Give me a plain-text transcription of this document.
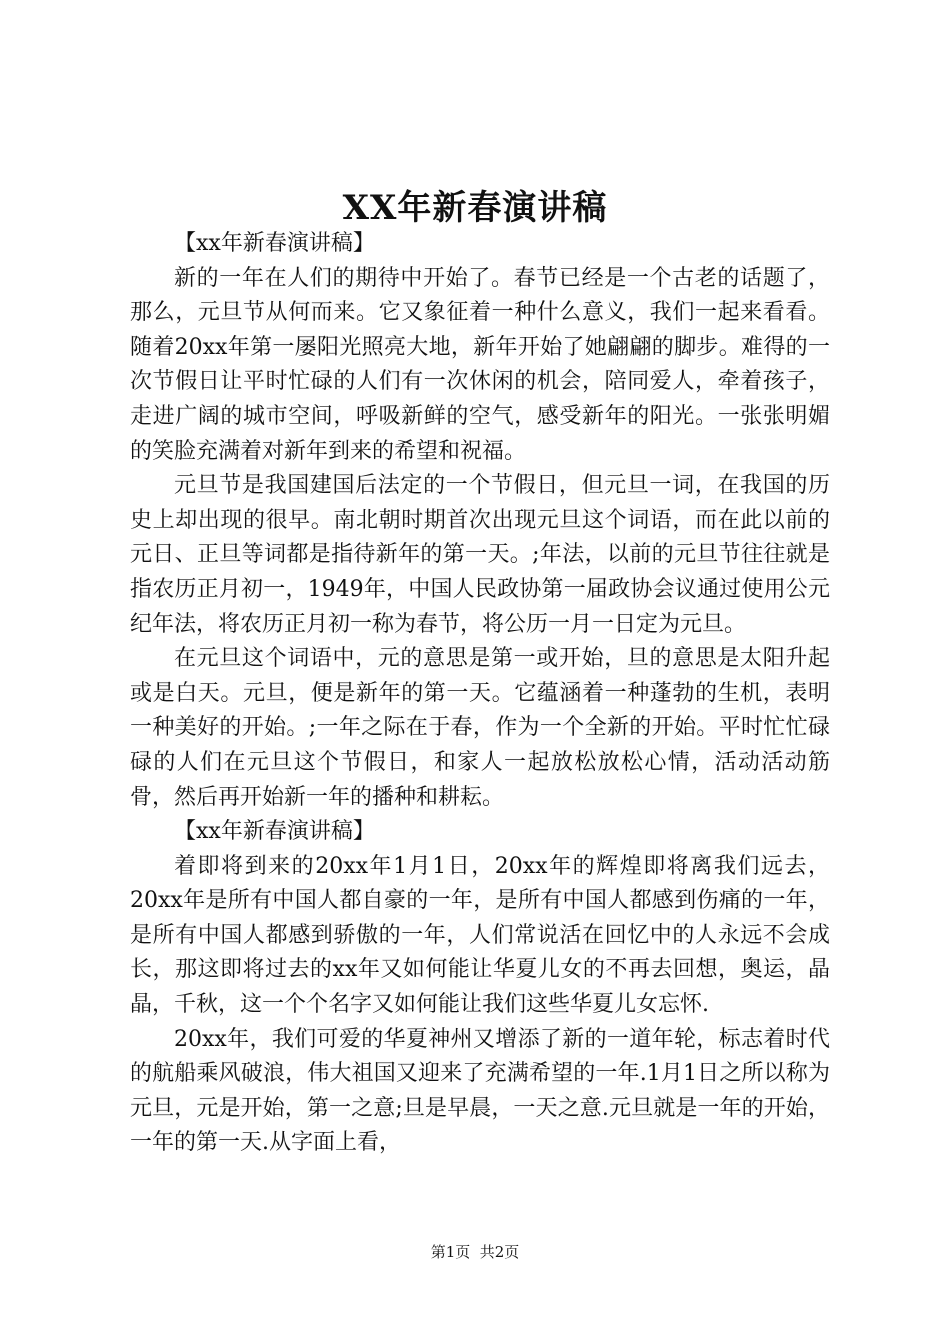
XX年新春演讲稿

【xx年新春演讲稿】

新的一年在人们的期待中开始了。春节已经是一个古老的话题了，那么，元旦节从何而来。它又象征着一种什么意义，我们一起来看看。随着20xx年第一屡阳光照亮大地，新年开始了她翩翩的脚步。难得的一次节假日让平时忙碌的人们有一次休闲的机会，陪同爱人，牵着孩子，走进广阔的城市空间，呼吸新鲜的空气，感受新年的阳光。一张张明媚的笑脸充满着对新年到来的希望和祝福。

元旦节是我国建国后法定的一个节假日，但元旦一词，在我国的历史上却出现的很早。南北朝时期首次出现元旦这个词语，而在此以前的元日、正旦等词都是指待新年的第一天。;年法，以前的元旦节往往就是指农历正月初一，1949年，中国人民政协第一届政协会议通过使用公元纪年法，将农历正月初一称为春节，将公历一月一日定为元旦。

在元旦这个词语中，元的意思是第一或开始，旦的意思是太阳升起或是白天。元旦，便是新年的第一天。它蕴涵着一种蓬勃的生机，表明一种美好的开始。;一年之际在于春，作为一个全新的开始。平时忙忙碌碌的人们在元旦这个节假日，和家人一起放松放松心情，活动活动筋骨，然后再开始新一年的播种和耕耘。

【xx年新春演讲稿】

着即将到来的20xx年1月1日，20xx年的辉煌即将离我们远去，20xx年是所有中国人都自豪的一年，是所有中国人都感到伤痛的一年，是所有中国人都感到骄傲的一年，人们常说活在回忆中的人永远不会成长，那这即将过去的xx年又如何能让华夏儿女的不再去回想，奥运，晶晶，千秋，这一个个名字又如何能让我们这些华夏儿女忘怀.

20xx年，我们可爱的华夏神州又增添了新的一道年轮，标志着时代的航船乘风破浪，伟大祖国又迎来了充满希望的一年.1月1日之所以称为元旦，元是开始，第一之意;旦是早晨，一天之意.元旦就是一年的开始，一年的第一天.从字面上看，

第1页  共2页
